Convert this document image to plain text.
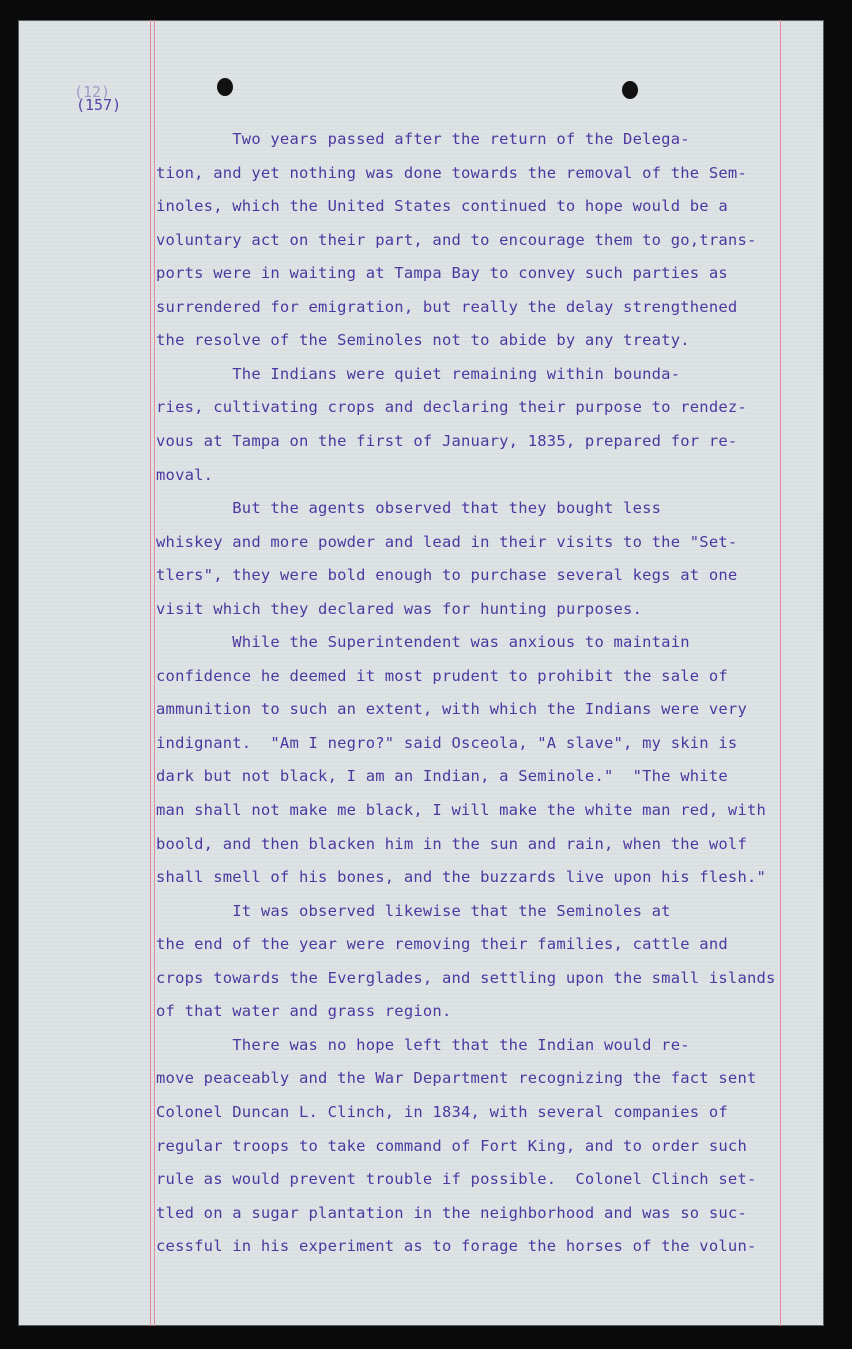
(12)
(157)
Two years passed after the return of the Delega-
tion, and yet nothing was done towards the removal of the Sem-
inoles, which the United States continued to hope would be a
voluntary act on their part, and to encourage them to go,trans-
ports were in waiting at Tampa Bay to convey such parties as
surrendered for emigration, but really the delay strengthened
the resolve of the Seminoles not to abide by any treaty.
The Indians were quiet remaining within bounda-
ries, cultivating crops and declaring their purpose to rendez-
vous at Tampa on the first of January, 1835, prepared for re-
moval.
But the agents observed that they bought less
whiskey and more powder and lead in their visits to the "Set-
tlers", they were bold enough to purchase several kegs at one
visit which they declared was for hunting purposes.
While the Superintendent was anxious to maintain
confidence he deemed it most prudent to prohibit the sale of
ammunition to such an extent, with which the Indians were very
indignant.  "Am I negro?" said Osceola, "A slave", my skin is
dark but not black, I am an Indian, a Seminole."  "The white
man shall not make me black, I will make the white man red, with
boold, and then blacken him in the sun and rain, when the wolf
shall smell of his bones, and the buzzards live upon his flesh."
It was observed likewise that the Seminoles at
the end of the year were removing their families, cattle and
crops towards the Everglades, and settling upon the small islands
of that water and grass region.
There was no hope left that the Indian would re-
move peaceably and the War Department recognizing the fact sent
Colonel Duncan L. Clinch, in 1834, with several companies of
regular troops to take command of Fort King, and to order such
rule as would prevent trouble if possible.  Colonel Clinch set-
tled on a sugar plantation in the neighborhood and was so suc-
cessful in his experiment as to forage the horses of the volun-
